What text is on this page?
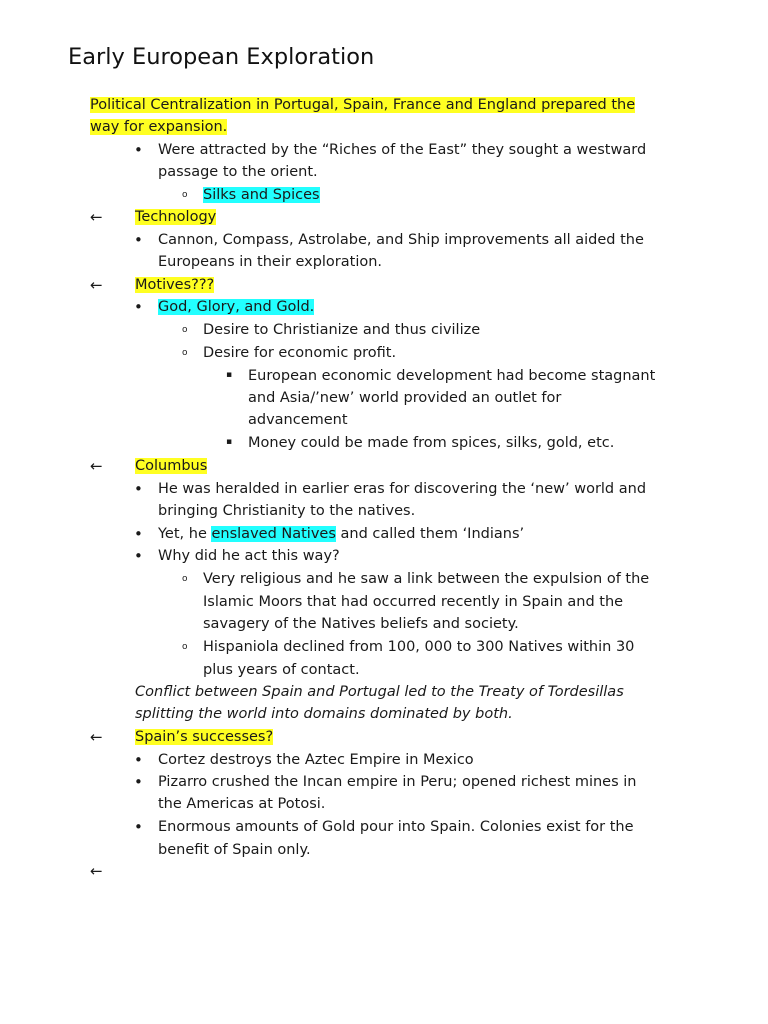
Early European Exploration
Political Centralization in Portugal, Spain, France and England prepared the
way for expansion.
• Were attracted by the “Riches of the East” they sought a westward
passage to the orient.
o Silks and Spices
← Technology
• Cannon, Compass, Astrolabe, and Ship improvements all aided the
Europeans in their exploration.
← Motives???
• God, Glory, and Gold.
o Desire to Christianize and thus civilize
o Desire for economic profit.
▪ European economic development had become stagnant
and Asia/’new’ world provided an outlet for
advancement
▪ Money could be made from spices, silks, gold, etc.
← Columbus
• He was heralded in earlier eras for discovering the ‘new’ world and
bringing Christianity to the natives.
• Yet, he enslaved Natives and called them ‘Indians’
• Why did he act this way?
o Very religious and he saw a link between the expulsion of the
Islamic Moors that had occurred recently in Spain and the
savagery of the Natives beliefs and society.
o Hispaniola declined from 100, 000 to 300 Natives within 30
plus years of contact.
Conflict between Spain and Portugal led to the Treaty of Tordesillas
splitting the world into domains dominated by both.
← Spain’s successes?
• Cortez destroys the Aztec Empire in Mexico
• Pizarro crushed the Incan empire in Peru; opened richest mines in
the Americas at Potosi.
• Enormous amounts of Gold pour into Spain. Colonies exist for the
benefit of Spain only.
←
